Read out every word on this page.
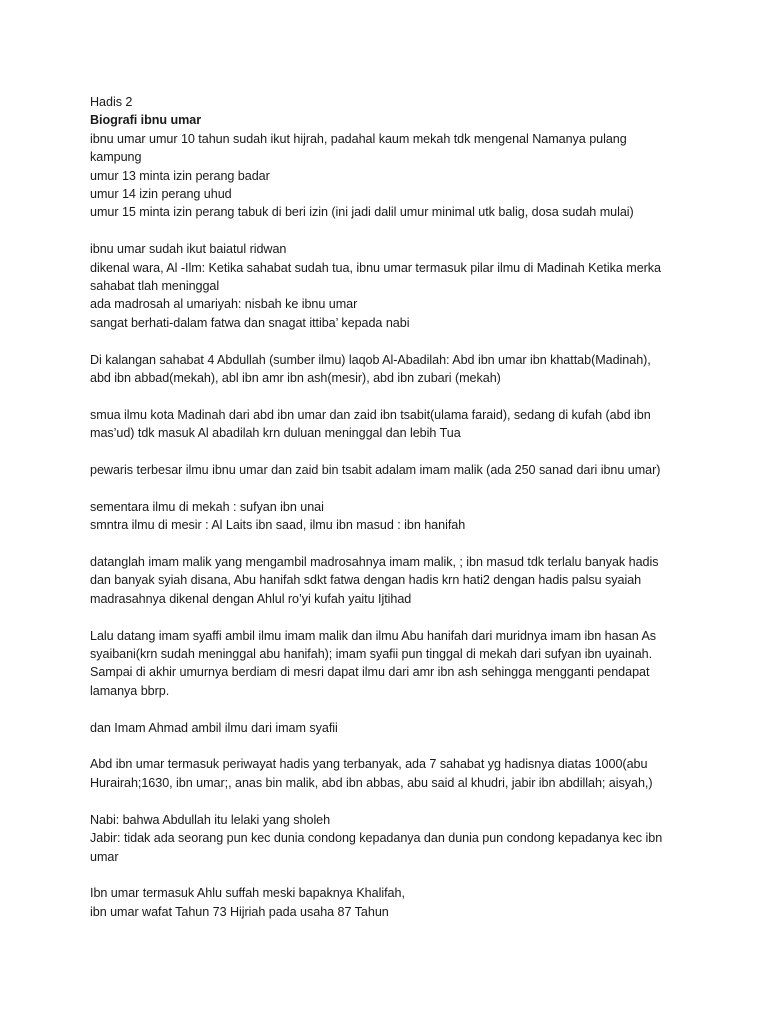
Hadis 2
Biografi ibnu umar
ibnu umar umur 10 tahun sudah ikut hijrah, padahal kaum mekah tdk mengenal Namanya pulang
kampung
umur 13 minta izin perang badar
umur 14 izin perang uhud
umur 15 minta izin perang tabuk di beri izin (ini jadi dalil umur minimal utk balig, dosa sudah mulai)
ibnu umar sudah ikut baiatul ridwan
dikenal wara, Al -Ilm: Ketika sahabat sudah tua, ibnu umar termasuk pilar ilmu di Madinah Ketika merka
sahabat tlah meninggal
ada madrosah al umariyah: nisbah ke ibnu umar
sangat berhati-dalam fatwa dan snagat ittiba’ kepada nabi
Di kalangan sahabat 4 Abdullah (sumber ilmu) laqob Al-Abadilah: Abd ibn umar ibn khattab(Madinah),
abd ibn abbad(mekah), abl ibn amr ibn ash(mesir), abd ibn zubari (mekah)
smua ilmu kota Madinah dari abd ibn umar dan zaid ibn tsabit(ulama faraid), sedang di kufah (abd ibn
mas’ud) tdk masuk Al abadilah krn duluan meninggal dan lebih Tua
pewaris terbesar ilmu ibnu umar dan zaid bin tsabit adalam imam malik (ada 250 sanad dari ibnu umar)
sementara ilmu di mekah : sufyan ibn unai
smntra ilmu di mesir : Al Laits ibn saad, ilmu ibn masud : ibn hanifah
datanglah imam malik yang mengambil madrosahnya imam malik, ; ibn masud tdk terlalu banyak hadis
dan banyak syiah disana, Abu hanifah sdkt fatwa dengan hadis krn hati2 dengan hadis palsu syaiah
madrasahnya dikenal dengan Ahlul ro’yi kufah yaitu Ijtihad
Lalu datang imam syaffi ambil ilmu imam malik dan ilmu Abu hanifah dari muridnya imam ibn hasan As
syaibani(krn sudah meninggal abu hanifah); imam syafii pun tinggal di mekah dari sufyan ibn uyainah.
Sampai di akhir umurnya berdiam di mesri dapat ilmu dari amr ibn ash sehingga mengganti pendapat
lamanya bbrp.
dan Imam Ahmad ambil ilmu dari imam syafii
Abd ibn umar termasuk periwayat hadis yang terbanyak, ada 7 sahabat yg hadisnya diatas 1000(abu
Hurairah;1630, ibn umar;, anas bin malik, abd ibn abbas, abu said al khudri, jabir ibn abdillah; aisyah,)
Nabi: bahwa Abdullah itu lelaki yang sholeh
Jabir: tidak ada seorang pun kec dunia condong kepadanya dan dunia pun condong kepadanya kec ibn
umar
Ibn umar termasuk Ahlu suffah meski bapaknya Khalifah,
ibn umar wafat Tahun 73 Hijriah pada usaha 87 Tahun
